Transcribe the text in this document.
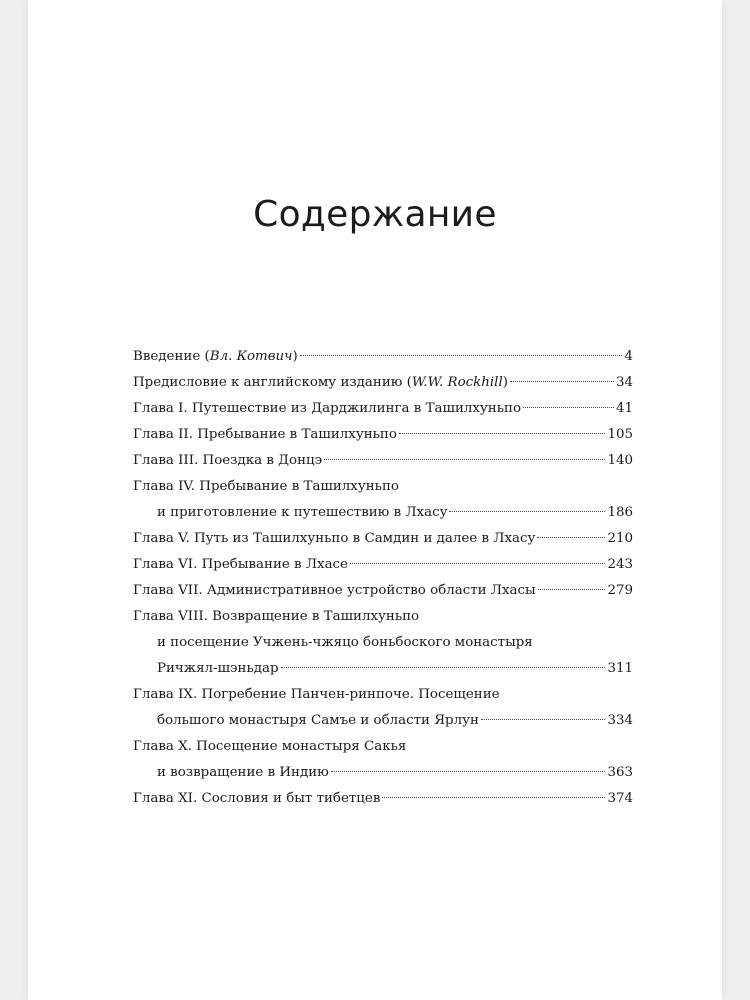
Содержание
Введение (Вл. Котвич)	4
Предисловие к английскому изданию (W.W. Rockhill)	34
Глава I. Путешествие из Дарджилинга в Ташилхуньпо	41
Глава II. Пребывание в Ташилхуньпо	105
Глава III. Поездка в Донцэ	140
Глава IV. Пребывание в Ташилхуньпо
и приготовление к путешествию в Лхасу	186
Глава V. Путь из Ташилхуньпо в Самдин и далее в Лхасу	210
Глава VI. Пребывание в Лхасе	243
Глава VII. Административное устройство области Лхасы	279
Глава VIII. Возвращение в Ташилхуньпо
и посещение Учжень-чжяцо боньбоского монастыря
Ричжял-шэньдар	311
Глава IX. Погребение Панчен-ринпоче. Посещение
большого монастыря Самъе и области Ярлун	334
Глава X. Посещение монастыря Сакья
и возвращение в Индию	363
Глава XI. Сословия и быт тибетцев	374
